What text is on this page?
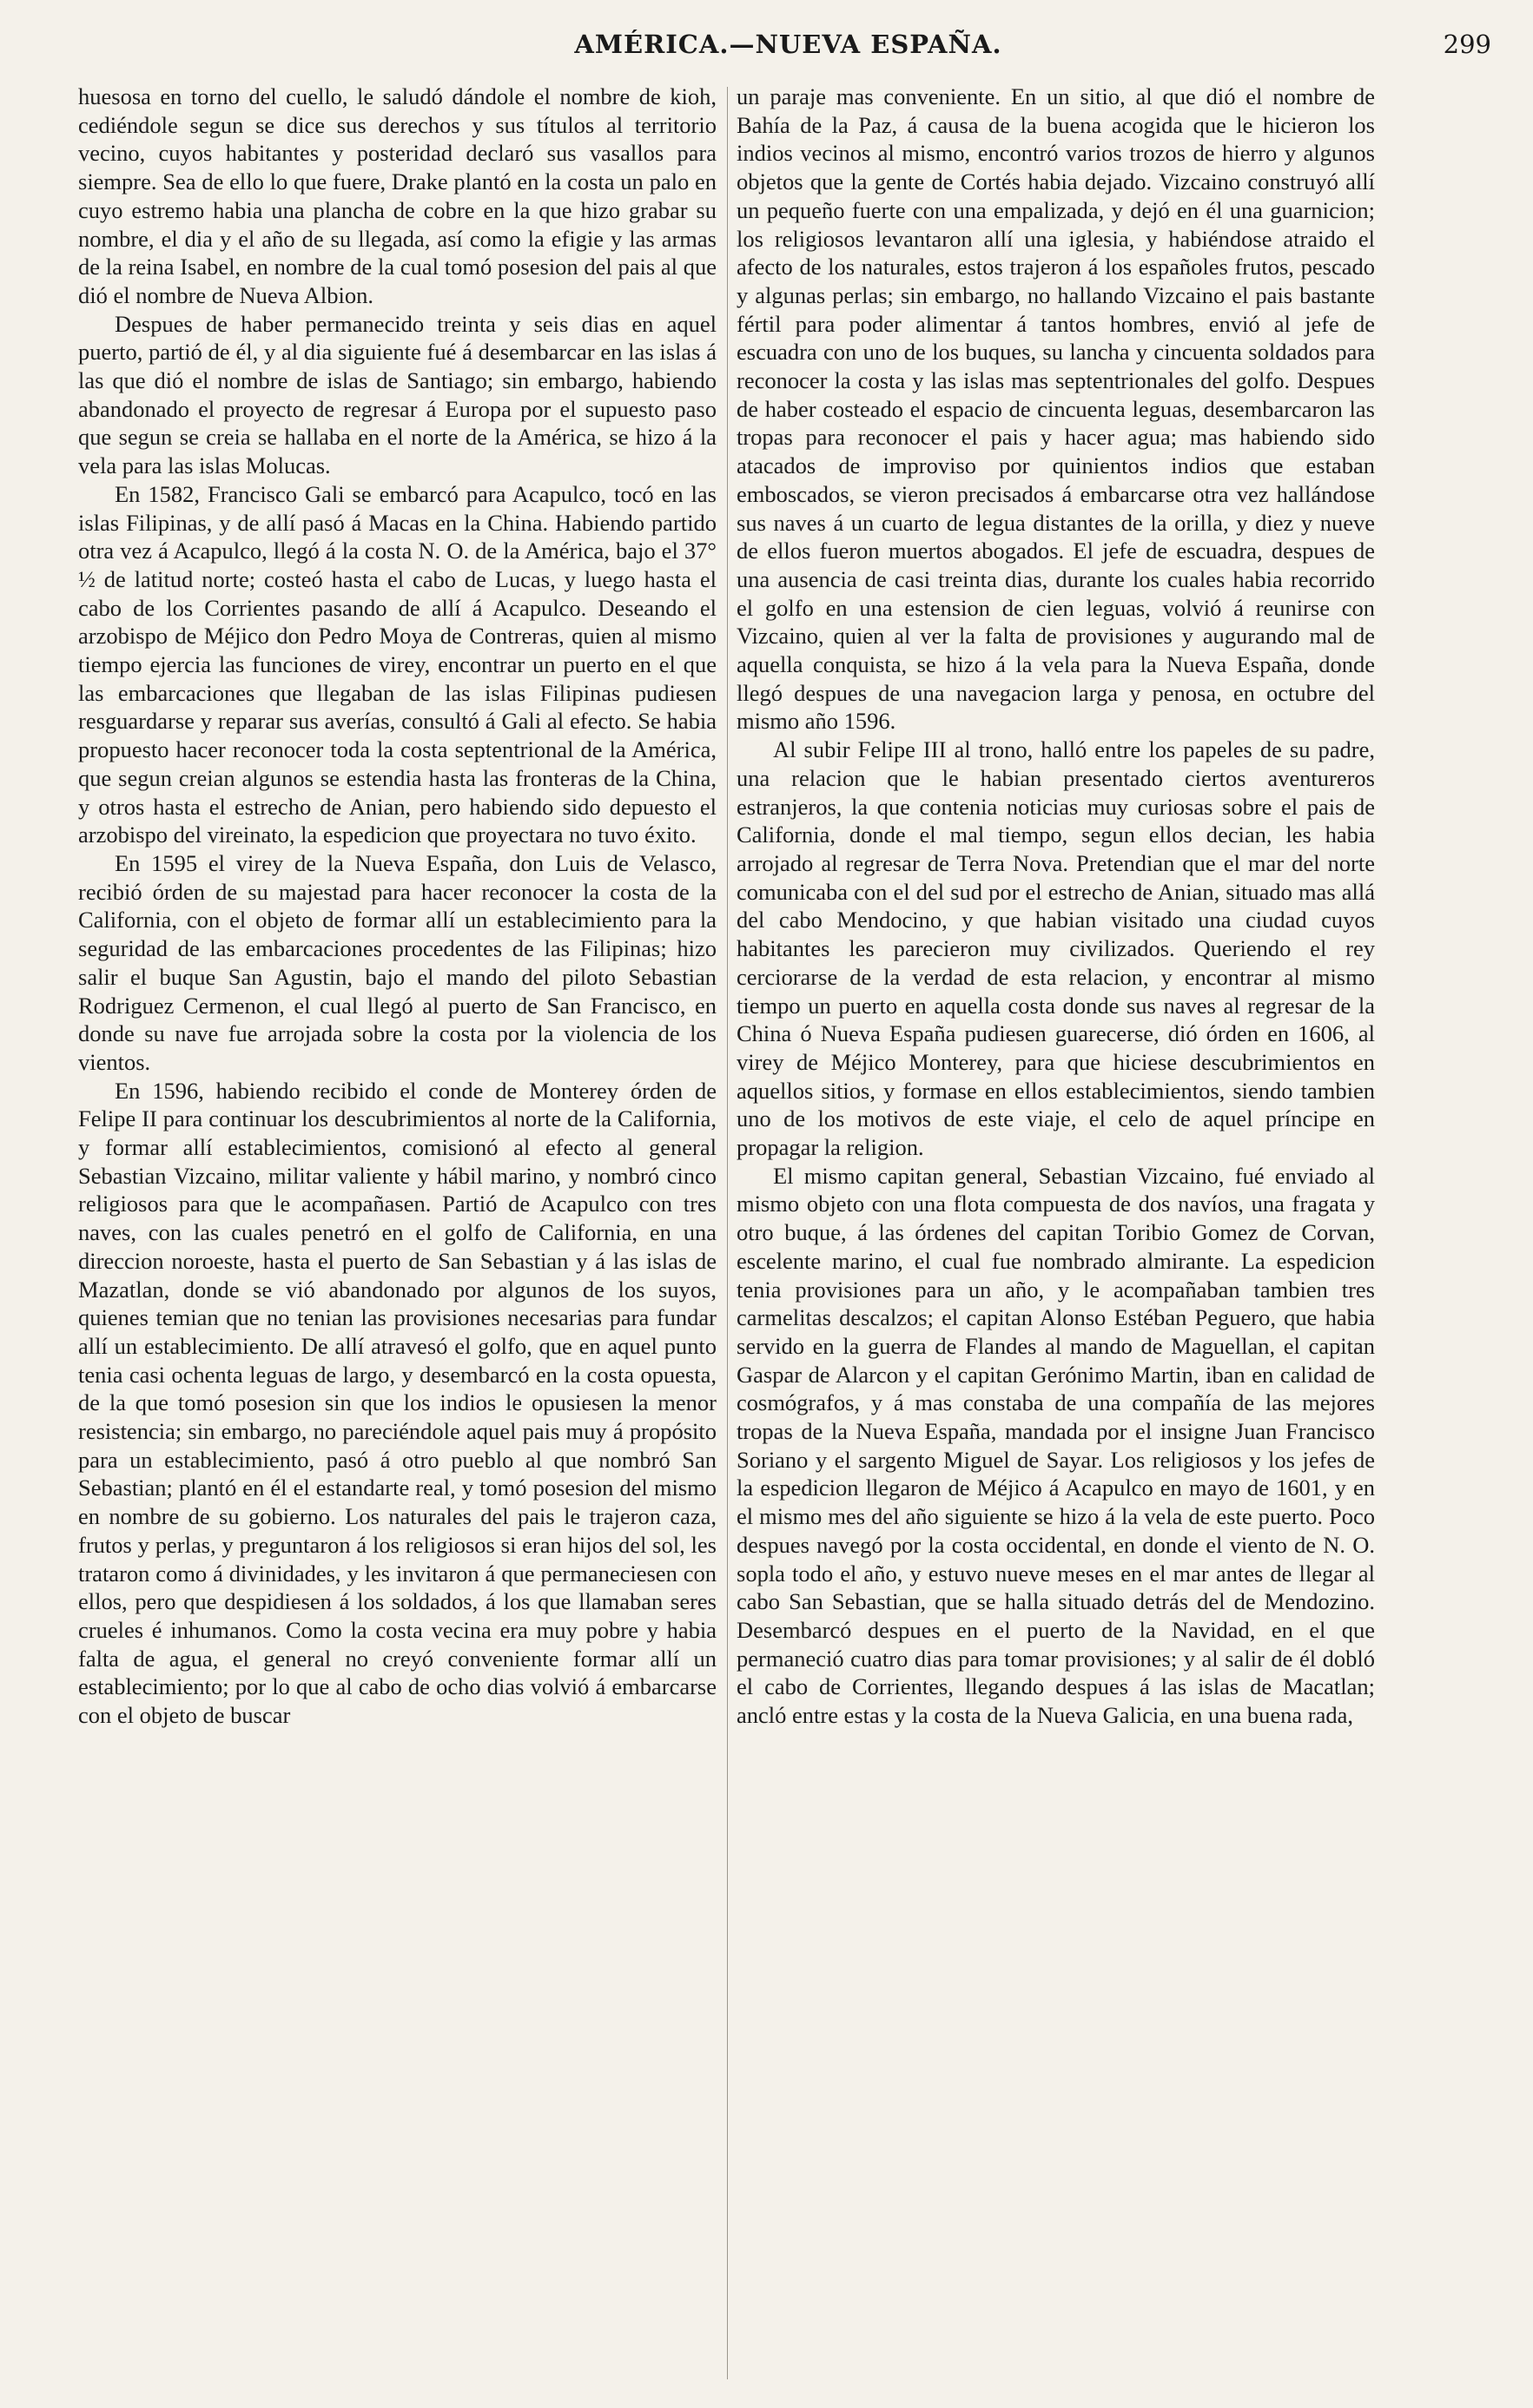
AMÉRICA.—NUEVA ESPAÑA.	299

huesosa en torno del cuello, le saludó dándole el nombre de kioh, cediéndole segun se dice sus derechos y sus títulos al territorio vecino, cuyos habitantes y posteridad declaró sus vasallos para siempre. Sea de ello lo que fuere, Drake plantó en la costa un palo en cuyo estremo habia una plancha de cobre en la que hizo grabar su nombre, el dia y el año de su llegada, así como la efigie y las armas de la reina Isabel, en nombre de la cual tomó posesion del pais al que dió el nombre de Nueva Albion.

Despues de haber permanecido treinta y seis dias en aquel puerto, partió de él, y al dia siguiente fué á desembarcar en las islas á las que dió el nombre de islas de Santiago; sin embargo, habiendo abandonado el proyecto de regresar á Europa por el supuesto paso que segun se creia se hallaba en el norte de la América, se hizo á la vela para las islas Molucas.

En 1582, Francisco Gali se embarcó para Acapulco, tocó en las islas Filipinas, y de allí pasó á Macas en la China. Habiendo partido otra vez á Acapulco, llegó á la costa N. O. de la América, bajo el 37° ½ de latitud norte; costeó hasta el cabo de Lucas, y luego hasta el cabo de los Corrientes pasando de allí á Acapulco. Deseando el arzobispo de Méjico don Pedro Moya de Contreras, quien al mismo tiempo ejercia las funciones de virey, encontrar un puerto en el que las embarcaciones que llegaban de las islas Filipinas pudiesen resguardarse y reparar sus averías, consultó á Gali al efecto. Se habia propuesto hacer reconocer toda la costa septentrional de la América, que segun creian algunos se estendia hasta las fronteras de la China, y otros hasta el estrecho de Anian, pero habiendo sido depuesto el arzobispo del vireinato, la espedicion que proyectara no tuvo éxito.

En 1595 el virey de la Nueva España, don Luis de Velasco, recibió órden de su majestad para hacer reconocer la costa de la California, con el objeto de formar allí un establecimiento para la seguridad de las embarcaciones procedentes de las Filipinas; hizo salir el buque San Agustin, bajo el mando del piloto Sebastian Rodriguez Cermenon, el cual llegó al puerto de San Francisco, en donde su nave fue arrojada sobre la costa por la violencia de los vientos.

En 1596, habiendo recibido el conde de Monterey órden de Felipe II para continuar los descubrimientos al norte de la California, y formar allí establecimientos, comisionó al efecto al general Sebastian Vizcaino, militar valiente y hábil marino, y nombró cinco religiosos para que le acompañasen. Partió de Acapulco con tres naves, con las cuales penetró en el golfo de California, en una direccion noroeste, hasta el puerto de San Sebastian y á las islas de Mazatlan, donde se vió abandonado por algunos de los suyos, quienes temian que no tenian las provisiones necesarias para fundar allí un establecimiento. De allí atravesó el golfo, que en aquel punto tenia casi ochenta leguas de largo, y desembarcó en la costa opuesta, de la que tomó posesion sin que los indios le opusiesen la menor resistencia; sin embargo, no pareciéndole aquel pais muy á propósito para un establecimiento, pasó á otro pueblo al que nombró San Sebastian; plantó en él el estandarte real, y tomó posesion del mismo en nombre de su gobierno. Los naturales del pais le trajeron caza, frutos y perlas, y preguntaron á los religiosos si eran hijos del sol, les trataron como á divinidades, y les invitaron á que permaneciesen con ellos, pero que despidiesen á los soldados, á los que llamaban seres crueles é inhumanos. Como la costa vecina era muy pobre y habia falta de agua, el general no creyó conveniente formar allí un establecimiento; por lo que al cabo de ocho dias volvió á embarcarse con el objeto de buscar

un paraje mas conveniente. En un sitio, al que dió el nombre de Bahía de la Paz, á causa de la buena acogida que le hicieron los indios vecinos al mismo, encontró varios trozos de hierro y algunos objetos que la gente de Cortés habia dejado. Vizcaino construyó allí un pequeño fuerte con una empalizada, y dejó en él una guarnicion; los religiosos levantaron allí una iglesia, y habiéndose atraido el afecto de los naturales, estos trajeron á los españoles frutos, pescado y algunas perlas; sin embargo, no hallando Vizcaino el pais bastante fértil para poder alimentar á tantos hombres, envió al jefe de escuadra con uno de los buques, su lancha y cincuenta soldados para reconocer la costa y las islas mas septentrionales del golfo. Despues de haber costeado el espacio de cincuenta leguas, desembarcaron las tropas para reconocer el pais y hacer agua; mas habiendo sido atacados de improviso por quinientos indios que estaban emboscados, se vieron precisados á embarcarse otra vez hallándose sus naves á un cuarto de legua distantes de la orilla, y diez y nueve de ellos fueron muertos abogados. El jefe de escuadra, despues de una ausencia de casi treinta dias, durante los cuales habia recorrido el golfo en una estension de cien leguas, volvió á reunirse con Vizcaino, quien al ver la falta de provisiones y augurando mal de aquella conquista, se hizo á la vela para la Nueva España, donde llegó despues de una navegacion larga y penosa, en octubre del mismo año 1596.

Al subir Felipe III al trono, halló entre los papeles de su padre, una relacion que le habian presentado ciertos aventureros estranjeros, la que contenia noticias muy curiosas sobre el pais de California, donde el mal tiempo, segun ellos decian, les habia arrojado al regresar de Terra Nova. Pretendian que el mar del norte comunicaba con el del sud por el estrecho de Anian, situado mas allá del cabo Mendocino, y que habian visitado una ciudad cuyos habitantes les parecieron muy civilizados. Queriendo el rey cerciorarse de la verdad de esta relacion, y encontrar al mismo tiempo un puerto en aquella costa donde sus naves al regresar de la China ó Nueva España pudiesen guarecerse, dió órden en 1606, al virey de Méjico Monterey, para que hiciese descubrimientos en aquellos sitios, y formase en ellos establecimientos, siendo tambien uno de los motivos de este viaje, el celo de aquel príncipe en propagar la religion.

El mismo capitan general, Sebastian Vizcaino, fué enviado al mismo objeto con una flota compuesta de dos navíos, una fragata y otro buque, á las órdenes del capitan Toribio Gomez de Corvan, escelente marino, el cual fue nombrado almirante. La espedicion tenia provisiones para un año, y le acompañaban tambien tres carmelitas descalzos; el capitan Alonso Estéban Peguero, que habia servido en la guerra de Flandes al mando de Maguellan, el capitan Gaspar de Alarcon y el capitan Gerónimo Martin, iban en calidad de cosmógrafos, y á mas constaba de una compañía de las mejores tropas de la Nueva España, mandada por el insigne Juan Francisco Soriano y el sargento Miguel de Sayar. Los religiosos y los jefes de la espedicion llegaron de Méjico á Acapulco en mayo de 1601, y en el mismo mes del año siguiente se hizo á la vela de este puerto. Poco despues navegó por la costa occidental, en donde el viento de N. O. sopla todo el año, y estuvo nueve meses en el mar antes de llegar al cabo San Sebastian, que se halla situado detrás del de Mendozino. Desembarcó despues en el puerto de la Navidad, en el que permaneció cuatro dias para tomar provisiones; y al salir de él dobló el cabo de Corrientes, llegando despues á las islas de Macatlan; ancló entre estas y la costa de la Nueva Galicia, en una buena rada,
